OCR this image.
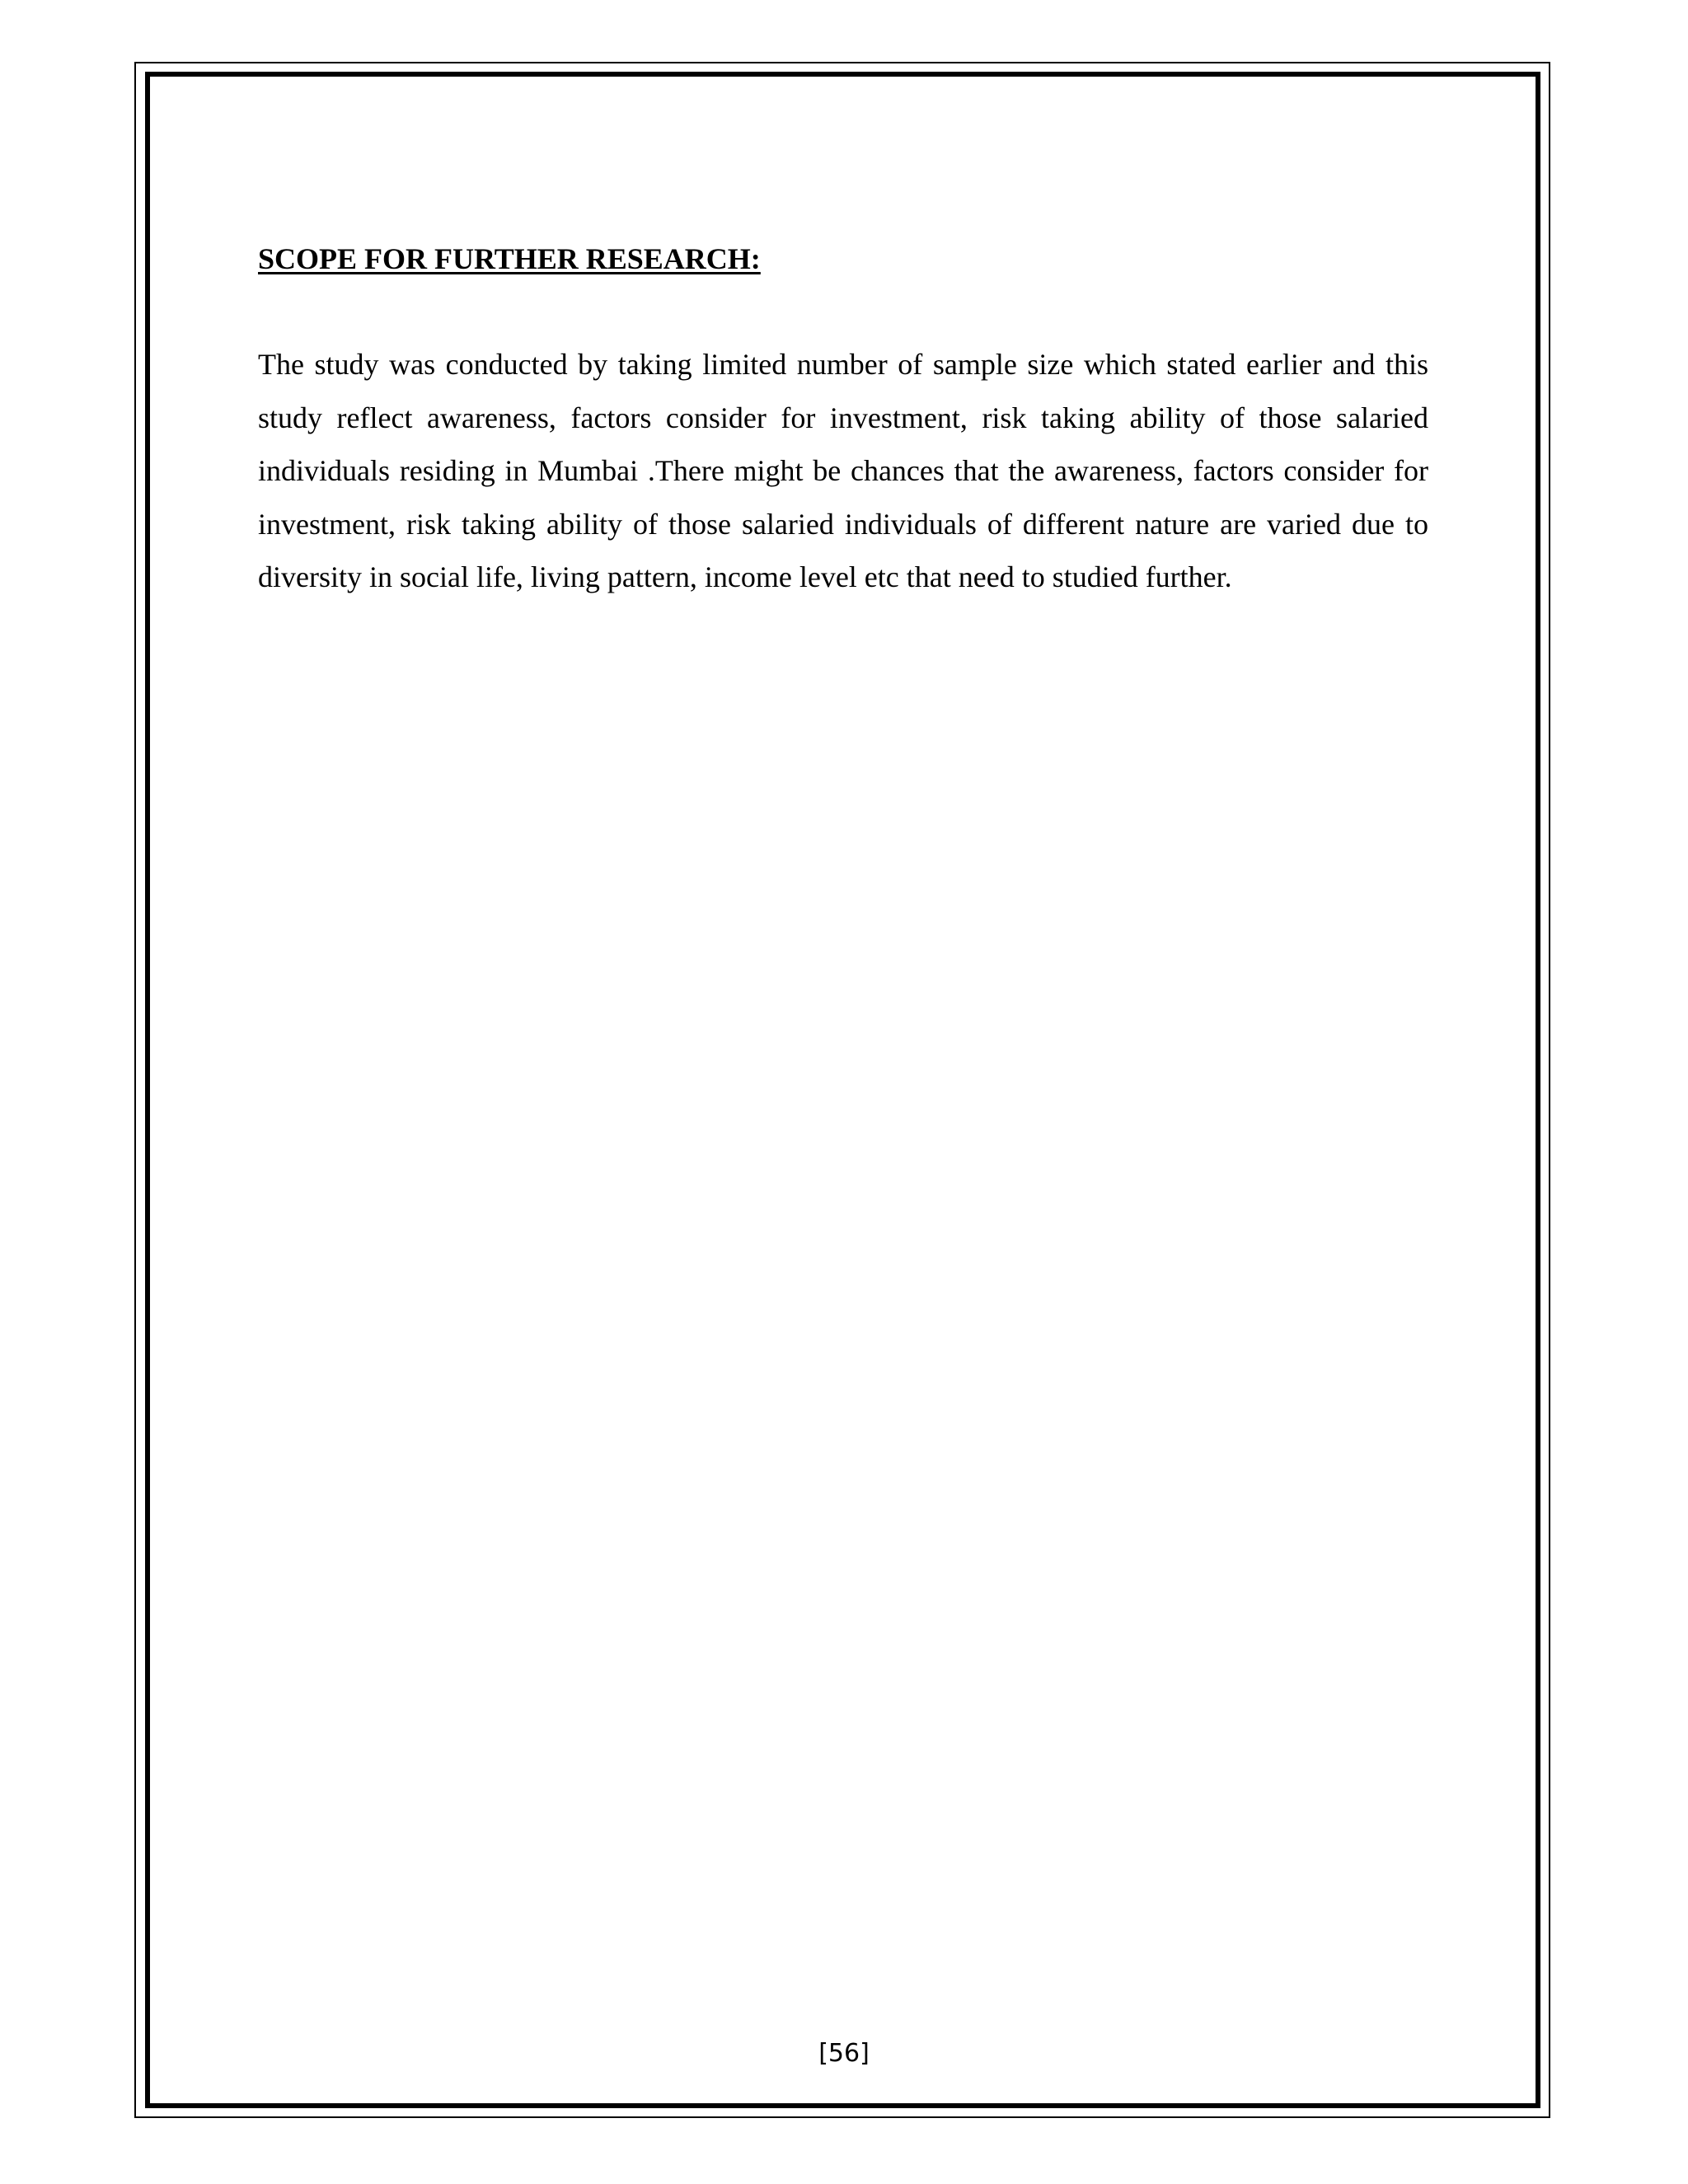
SCOPE FOR FURTHER RESEARCH:

The study was conducted by taking limited number of sample size which stated earlier and this study reflect awareness, factors consider for investment, risk taking ability of those salaried individuals residing in Mumbai .There might be chances that the awareness, factors consider for investment, risk taking ability of those salaried individuals of different nature are varied due to diversity in social life, living pattern, income level etc that need to studied further.

[56]
